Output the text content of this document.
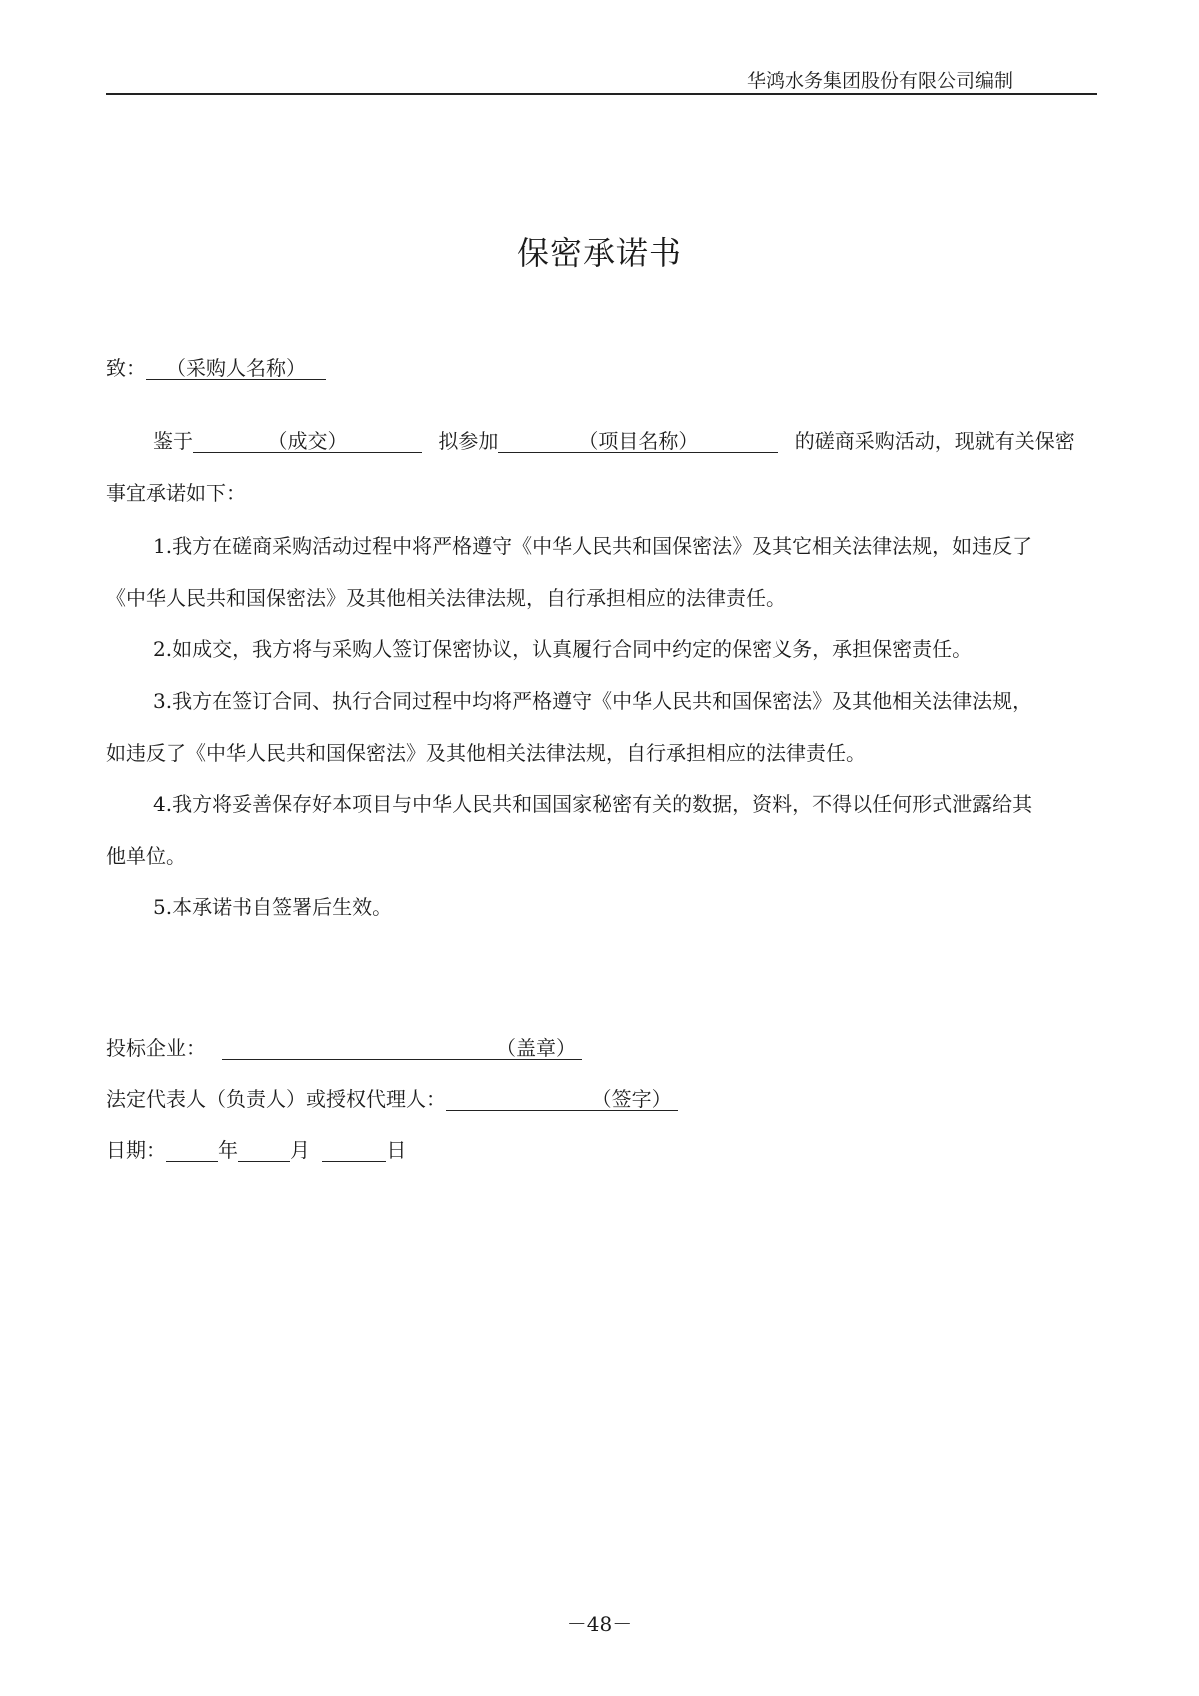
华鸿水务集团股份有限公司编制
保密承诺书
致： （采购人名称）
鉴于	（成交）	拟参加	（项目名称）	的磋商采购活动，现就有关保密
事宜承诺如下：
1.我方在磋商采购活动过程中将严格遵守《中华人民共和国保密法》及其它相关法律法规，如违反了
《中华人民共和国保密法》及其他相关法律法规，自行承担相应的法律责任。
2.如成交，我方将与采购人签订保密协议，认真履行合同中约定的保密义务，承担保密责任。
3.我方在签订合同、执行合同过程中均将严格遵守《中华人民共和国保密法》及其他相关法律法规，
如违反了《中华人民共和国保密法》及其他相关法律法规，自行承担相应的法律责任。
4.我方将妥善保存好本项目与中华人民共和国国家秘密有关的数据，资料，不得以任何形式泄露给其
他单位。
5.本承诺书自签署后生效。
投标企业：	（盖章）
法定代表人（负责人）或授权代理人：	（签字）
日期：	年	月	日
－48－
